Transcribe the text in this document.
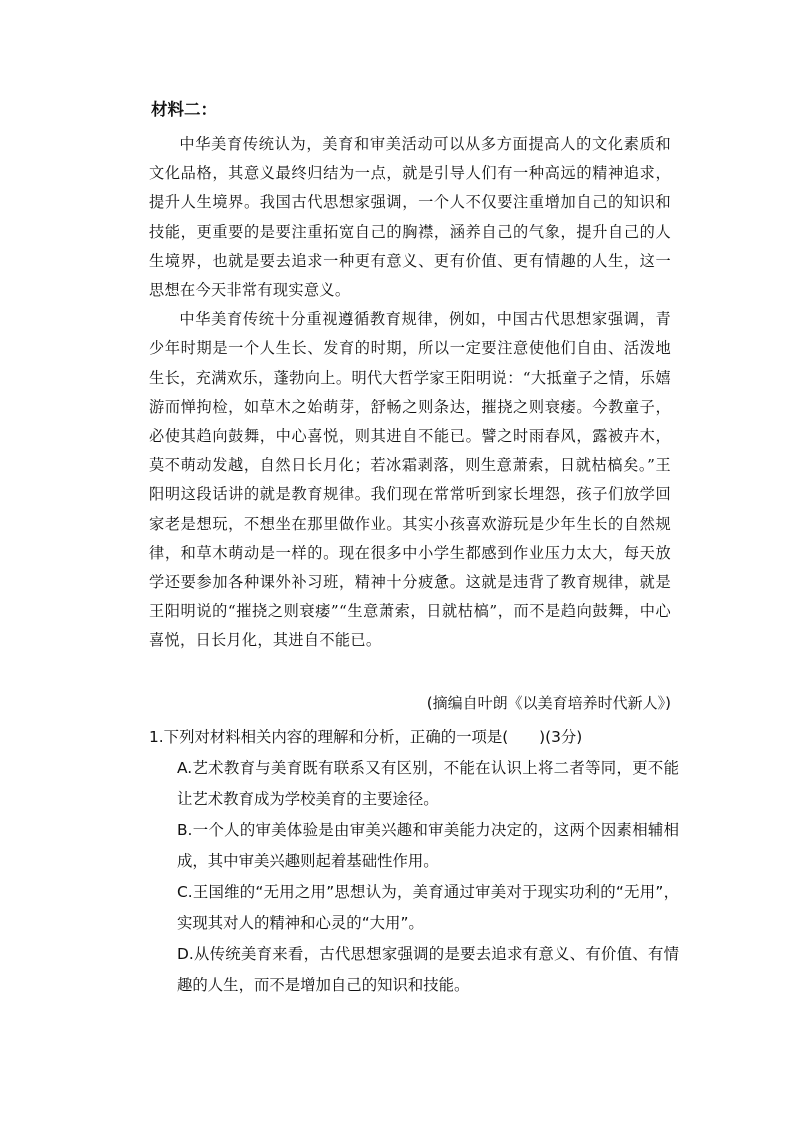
材料二：

中华美育传统认为，美育和审美活动可以从多方面提高人的文化素质和文化品格，其意义最终归结为一点，就是引导人们有一种高远的精神追求，提升人生境界。我国古代思想家强调，一个人不仅要注重增加自己的知识和技能，更重要的是要注重拓宽自己的胸襟，涵养自己的气象，提升自己的人生境界，也就是要去追求一种更有意义、更有价值、更有情趣的人生，这一思想在今天非常有现实意义。

中华美育传统十分重视遵循教育规律，例如，中国古代思想家强调，青少年时期是一个人生长、发育的时期，所以一定要注意使他们自由、活泼地生长，充满欢乐，蓬勃向上。明代大哲学家王阳明说：“大抵童子之情，乐嬉游而惮拘检，如草木之始萌芽，舒畅之则条达，摧挠之则衰痿。今教童子，必使其趋向鼓舞，中心喜悦，则其进自不能已。譬之时雨春风，露被卉木，莫不萌动发越，自然日长月化；若冰霜剥落，则生意萧索，日就枯槁矣。”王阳明这段话讲的就是教育规律。我们现在常常听到家长埋怨，孩子们放学回家老是想玩，不想坐在那里做作业。其实小孩喜欢游玩是少年生长的自然规律，和草木萌动是一样的。现在很多中小学生都感到作业压力太大，每天放学还要参加各种课外补习班，精神十分疲惫。这就是违背了教育规律，就是王阳明说的“摧挠之则衰痿”“生意萧索，日就枯槁”，而不是趋向鼓舞，中心喜悦，日长月化，其进自不能已。

(摘编自叶朗《以美育培养时代新人》)

1.下列对材料相关内容的理解和分析，正确的一项是(　　)(3分)

A.艺术教育与美育既有联系又有区别，不能在认识上将二者等同，更不能让艺术教育成为学校美育的主要途径。

B.一个人的审美体验是由审美兴趣和审美能力决定的，这两个因素相辅相成，其中审美兴趣则起着基础性作用。

C.王国维的“无用之用”思想认为，美育通过审美对于现实功利的“无用”，实现其对人的精神和心灵的“大用”。

D.从传统美育来看，古代思想家强调的是要去追求有意义、有价值、有情趣的人生，而不是增加自己的知识和技能。
